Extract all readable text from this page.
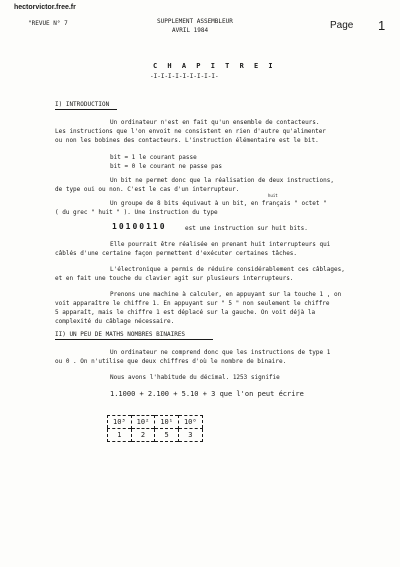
hectorvictor.free.fr
"REVUE N° 7	SUPPLEMENT ASSEMBLEUR
AVRIL 1984	Page 1
C H A P I T R E I
-I-I-I-I-I-I-I-I-I-
I) INTRODUCTION
Un ordinateur n'est en fait qu'un ensemble de contacteurs.
Les instructions que l'on envoit ne consistent en rien d'autre qu'alimenter
ou non les bobines des contacteurs. L'instruction élémentaire est le bit.
bit = 1 le courant passe
bit = 0 le courant ne passe pas
Un bit ne permet donc que la réalisation de deux instructions,
de type oui ou non. C'est le cas d'un interrupteur.
huit
Un groupe de 8 bits équivaut à un bit, en français " octet "
( du grec " huit " ). Une instruction du type
10100110	est une instruction sur huit bits.
Elle pourrait être réalisée en prenant huit interrupteurs qui
câblés d'une certaine façon permettent d'exécuter certaines tâches.
L'électronique a permis de réduire considérablement ces câblages,
et en fait une touche du clavier agit sur plusieurs interrupteurs.
Prenons une machine à calculer, en appuyant sur la touche 1 , on
voit apparaître le chiffre 1. En appuyant sur " 5 " non seulement le chiffre
5 apparaît, mais le chiffre 1 est déplacé sur la gauche. On voit déjà la
complexité du câblage nécessaire.
II) UN PEU DE MATHS NOMBRES BINAIRES
Un ordinateur ne comprend donc que les instructions de type 1
ou 0 . On n'utilise que deux chiffres d'où le nombre de binaire.
Nous avons l'habitude du décimal. 1253 signifie
1.1000 + 2.100 + 5.10 + 3 que l'on peut écrire
10³	10²	10¹	10⁰
1	2	5	3
